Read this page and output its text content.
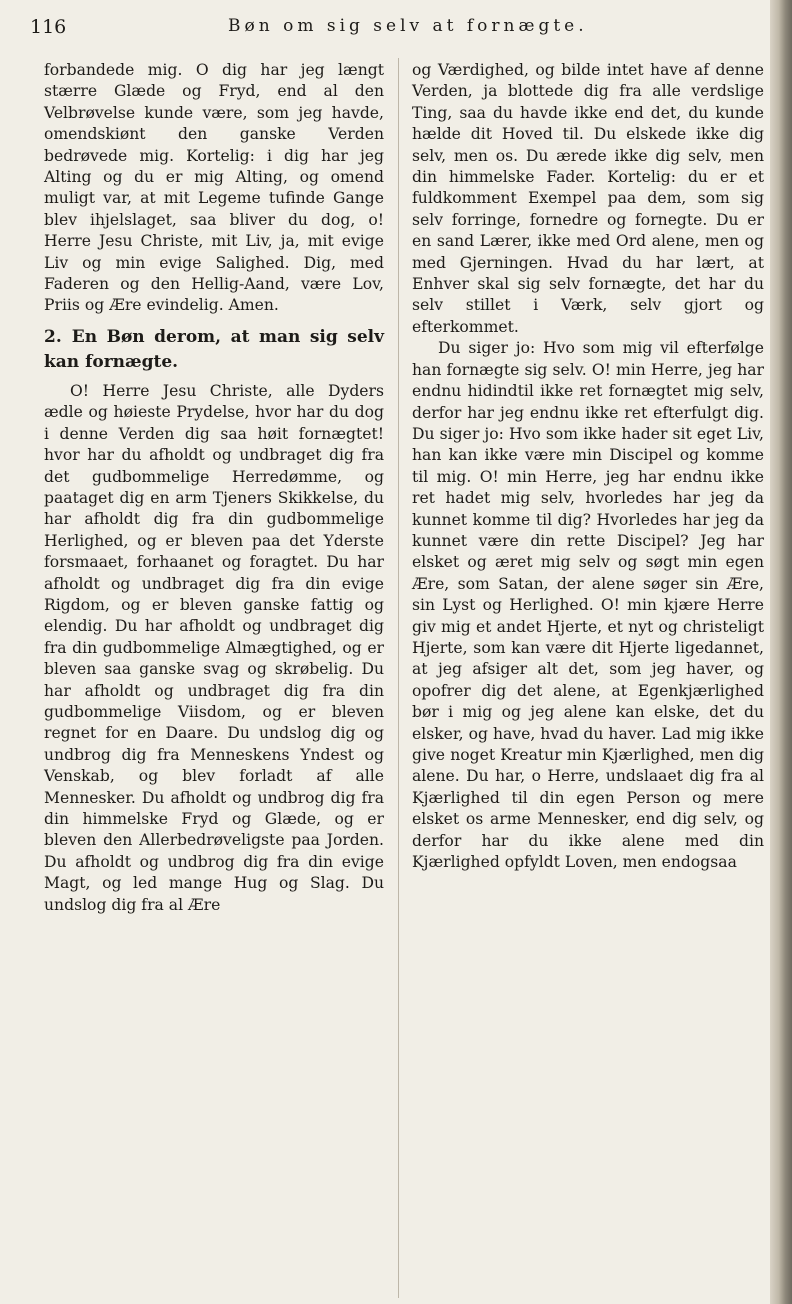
116	Bøn om sig selv at fornægte.

forbandede mig. O dig har jeg længt stærre Glæde og Fryd, end al den Velbrøvelse kunde være, som jeg havde, omendskiønt den ganske Verden bedrøvede mig. Kortelig: i dig har jeg Alting og du er mig Alting, og omend muligt var, at mit Legeme tufinde Gange blev ihjelslaget, saa bliver du dog, o! Herre Jesu Christe, mit Liv, ja, mit evige Liv og min evige Salighed. Dig, med Faderen og den Hellig-Aand, være Lov, Priis og Ære evindelig. Amen.

2. En Bøn derom, at man sig selv kan fornægte.

O! Herre Jesu Christe, alle Dyders ædle og høieste Prydelse, hvor har du dog i denne Verden dig saa høit fornægtet! hvor har du afholdt og undbraget dig fra det gudbommelige Herredømme, og paataget dig en arm Tjeners Skikkelse, du har afholdt dig fra din gudbommelige Herlighed, og er bleven paa det Yderste forsmaaet, forhaanet og foragtet. Du har afholdt og undbraget dig fra din evige Rigdom, og er bleven ganske fattig og elendig. Du har afholdt og undbraget dig fra din gudbommelige Almægtighed, og er bleven saa ganske svag og skrøbelig. Du har afholdt og undbraget dig fra din gudbommelige Viisdom, og er bleven regnet for en Daare. Du undslog dig og undbrog dig fra Menneskens Yndest og Venskab, og blev forladt af alle Mennesker. Du afholdt og undbrog dig fra din himmelske Fryd og Glæde, og er bleven den Allerbedrøveligste paa Jorden. Du afholdt og undbrog dig fra din evige Magt, og led mange Hug og Slag. Du undslog dig fra al Ære

og Værdighed, og bilde intet have af denne Verden, ja blottede dig fra alle verdslige Ting, saa du havde ikke end det, du kunde hælde dit Hoved til. Du elskede ikke dig selv, men os. Du ærede ikke dig selv, men din himmelske Fader. Kortelig: du er et fuldkomment Exempel paa dem, som sig selv forringe, fornedre og fornegte. Du er en sand Lærer, ikke med Ord alene, men og med Gjerningen. Hvad du har lært, at Enhver skal sig selv fornægte, det har du selv stillet i Værk, selv gjort og efterkommet.

Du siger jo: Hvo som mig vil efterfølge han fornægte sig selv. O! min Herre, jeg har endnu hidindtil ikke ret fornægtet mig selv, derfor har jeg endnu ikke ret efterfulgt dig. Du siger jo: Hvo som ikke hader sit eget Liv, han kan ikke være min Discipel og komme til mig. O! min Herre, jeg har endnu ikke ret hadet mig selv, hvorledes har jeg da kunnet komme til dig? Hvorledes har jeg da kunnet være din rette Discipel? Jeg har elsket og æret mig selv og søgt min egen Ære, som Satan, der alene søger sin Ære, sin Lyst og Herlighed. O! min kjære Herre giv mig et andet Hjerte, et nyt og christeligt Hjerte, som kan være dit Hjerte ligedannet, at jeg afsiger alt det, som jeg haver, og opofrer dig det alene, at Egenkjærlighed bør i mig og jeg alene kan elske, det du elsker, og have, hvad du haver. Lad mig ikke give noget Kreatur min Kjærlighed, men dig alene. Du har, o Herre, undslaaet dig fra al Kjærlighed til din egen Person og mere elsket os arme Mennesker, end dig selv, og derfor har du ikke alene med din Kjærlighed opfyldt Loven, men endogsaa
